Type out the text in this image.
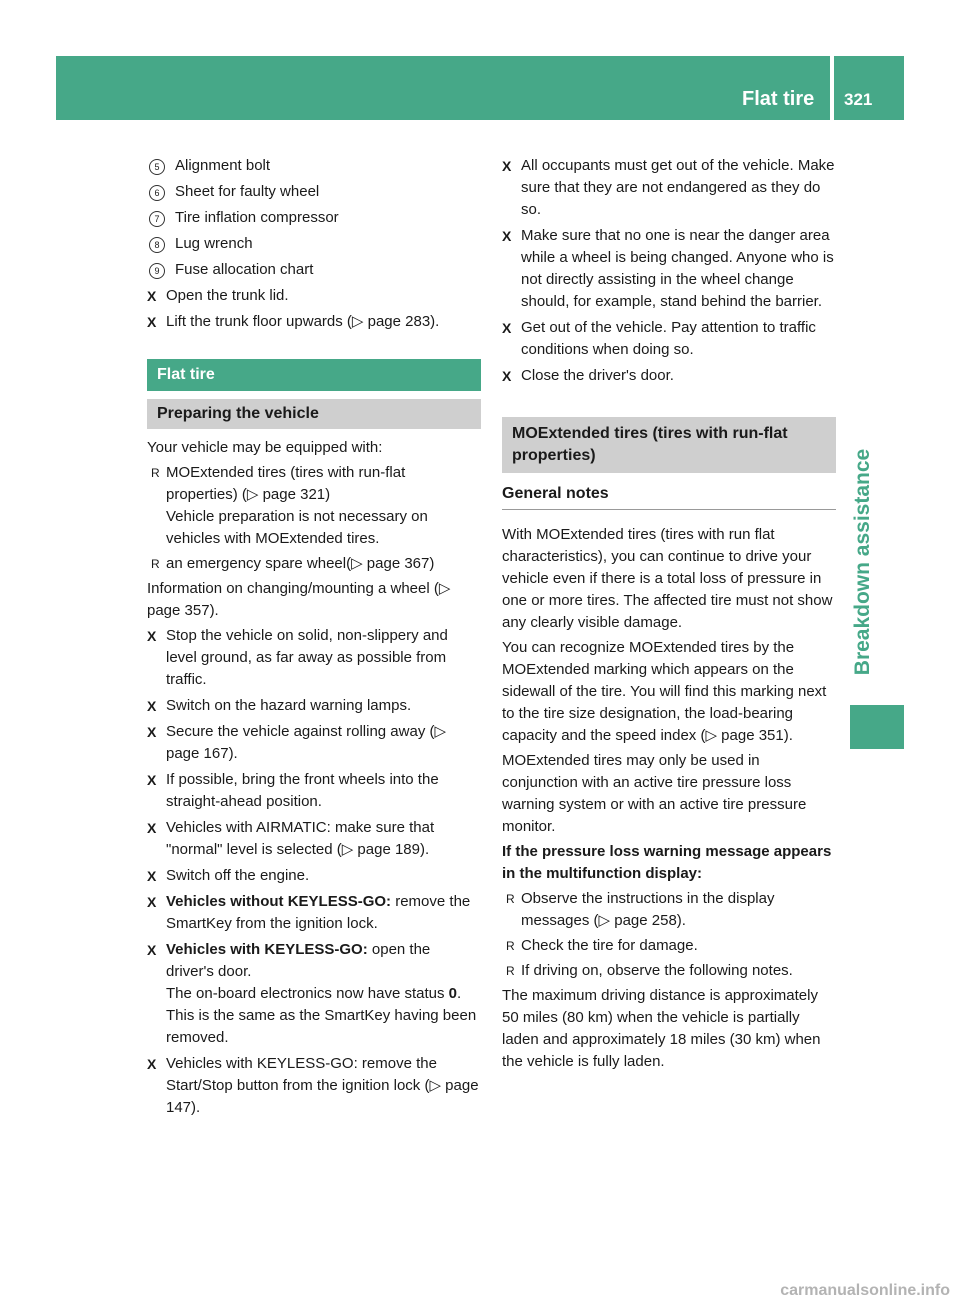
Flat tire 321
Breakdown assistance
5	Alignment bolt
6	Sheet for faulty wheel
7	Tire inflation compressor
8	Lug wrench
9	Fuse allocation chart
X Open the trunk lid.
X Lift the trunk floor upwards (▷ page 283).
Flat tire
Preparing the vehicle
Your vehicle may be equipped with:
R MOExtended tires (tires with run-flat properties) (▷ page 321)
Vehicle preparation is not necessary on vehicles with MOExtended tires.
R an emergency spare wheel(▷ page 367)
Information on changing/mounting a wheel (▷ page 357).
X Stop the vehicle on solid, non-slippery and level ground, as far away as possible from traffic.
X Switch on the hazard warning lamps.
X Secure the vehicle against rolling away (▷ page 167).
X If possible, bring the front wheels into the straight-ahead position.
X Vehicles with AIRMATIC: make sure that "normal" level is selected (▷ page 189).
X Switch off the engine.
X Vehicles without KEYLESS-GO: remove the SmartKey from the ignition lock.
X Vehicles with KEYLESS-GO: open the driver's door.
The on-board electronics now have status 0. This is the same as the SmartKey having been removed.
X Vehicles with KEYLESS-GO: remove the Start/Stop button from the ignition lock (▷ page 147).
X All occupants must get out of the vehicle. Make sure that they are not endangered as they do so.
X Make sure that no one is near the danger area while a wheel is being changed. Anyone who is not directly assisting in the wheel change should, for example, stand behind the barrier.
X Get out of the vehicle. Pay attention to traffic conditions when doing so.
X Close the driver's door.
MOExtended tires (tires with run-flat properties)
General notes
With MOExtended tires (tires with run flat characteristics), you can continue to drive your vehicle even if there is a total loss of pressure in one or more tires. The affected tire must not show any clearly visible damage.
You can recognize MOExtended tires by the MOExtended marking which appears on the sidewall of the tire. You will find this marking next to the tire size designation, the load-bearing capacity and the speed index (▷ page 351).
MOExtended tires may only be used in conjunction with an active tire pressure loss warning system or with an active tire pressure monitor.
If the pressure loss warning message appears in the multifunction display:
R Observe the instructions in the display messages (▷ page 258).
R Check the tire for damage.
R If driving on, observe the following notes.
The maximum driving distance is approximately 50 miles (80 km) when the vehicle is partially laden and approximately 18 miles (30 km) when the vehicle is fully laden.
carmanualsonline.info
